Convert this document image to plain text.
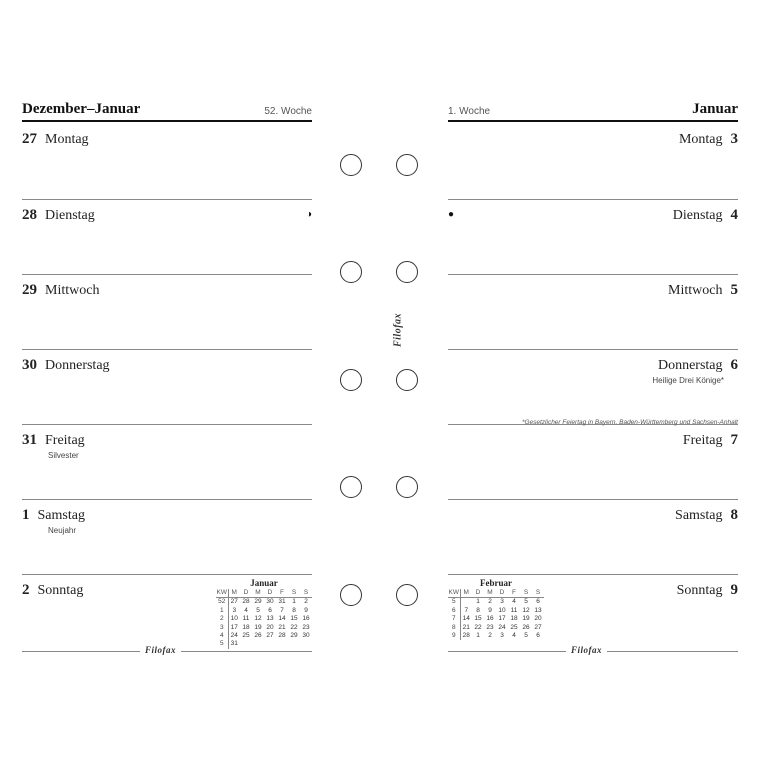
Dezember–Januar	52. Woche
27 Montag
28 Dienstag	◑
29 Mittwoch
30 Donnerstag
31 Freitag
Silvester
1 Samstag
Neujahr
2 Sonntag	Januar
KW	M	D	M	D	F	S	S
52	27	28	29	30	31	1	2
1	3	4	5	6	7	8	9
2	10	11	12	13	14	15	16
3	17	18	19	20	21	22	23
4	24	25	26	27	28	29	30
5	31						
Filofax
Filofax
1. Woche	Januar
Montag 3
Dienstag 4
●
Mittwoch 5
Donnerstag 6
Heilige Drei Könige*
Freitag 7
Samstag 8
Sonntag 9
*Gesetzlicher Feiertag in Bayern, Baden-Württemberg und Sachsen-Anhalt
Februar
KW	M	D	M	D	F	S	S
5		1	2	3	4	5	6
6	7	8	9	10	11	12	13
7	14	15	16	17	18	19	20
8	21	22	23	24	25	26	27
9	28	1	2	3	4	5	6
Filofax
